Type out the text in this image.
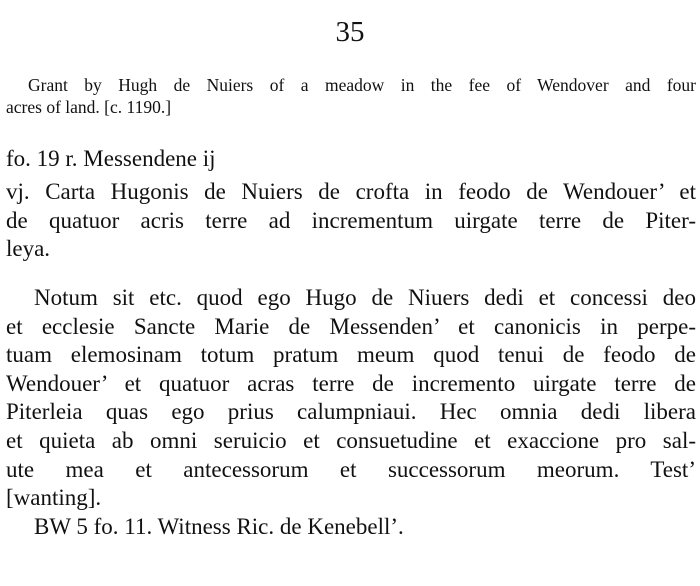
35
Grant by Hugh de Nuiers of a meadow in the fee of Wendover and four
acres of land. [c. 1190.]
fo. 19 r. Messendene ij
vj. Carta Hugonis de Nuiers de crofta in feodo de Wendouer’ et
de quatuor acris terre ad incrementum uirgate terre de Piter-
leya.
Notum sit etc. quod ego Hugo de Niuers dedi et concessi deo
et ecclesie Sancte Marie de Messenden’ et canonicis in perpe-
tuam elemosinam totum pratum meum quod tenui de feodo de
Wendouer’ et quatuor acras terre de incremento uirgate terre de
Piterleia quas ego prius calumpniaui. Hec omnia dedi libera
et quieta ab omni seruicio et consuetudine et exaccione pro sal-
ute mea et antecessorum et successorum meorum. Test’
[wanting].
BW 5 fo. 11. Witness Ric. de Kenebell’.
